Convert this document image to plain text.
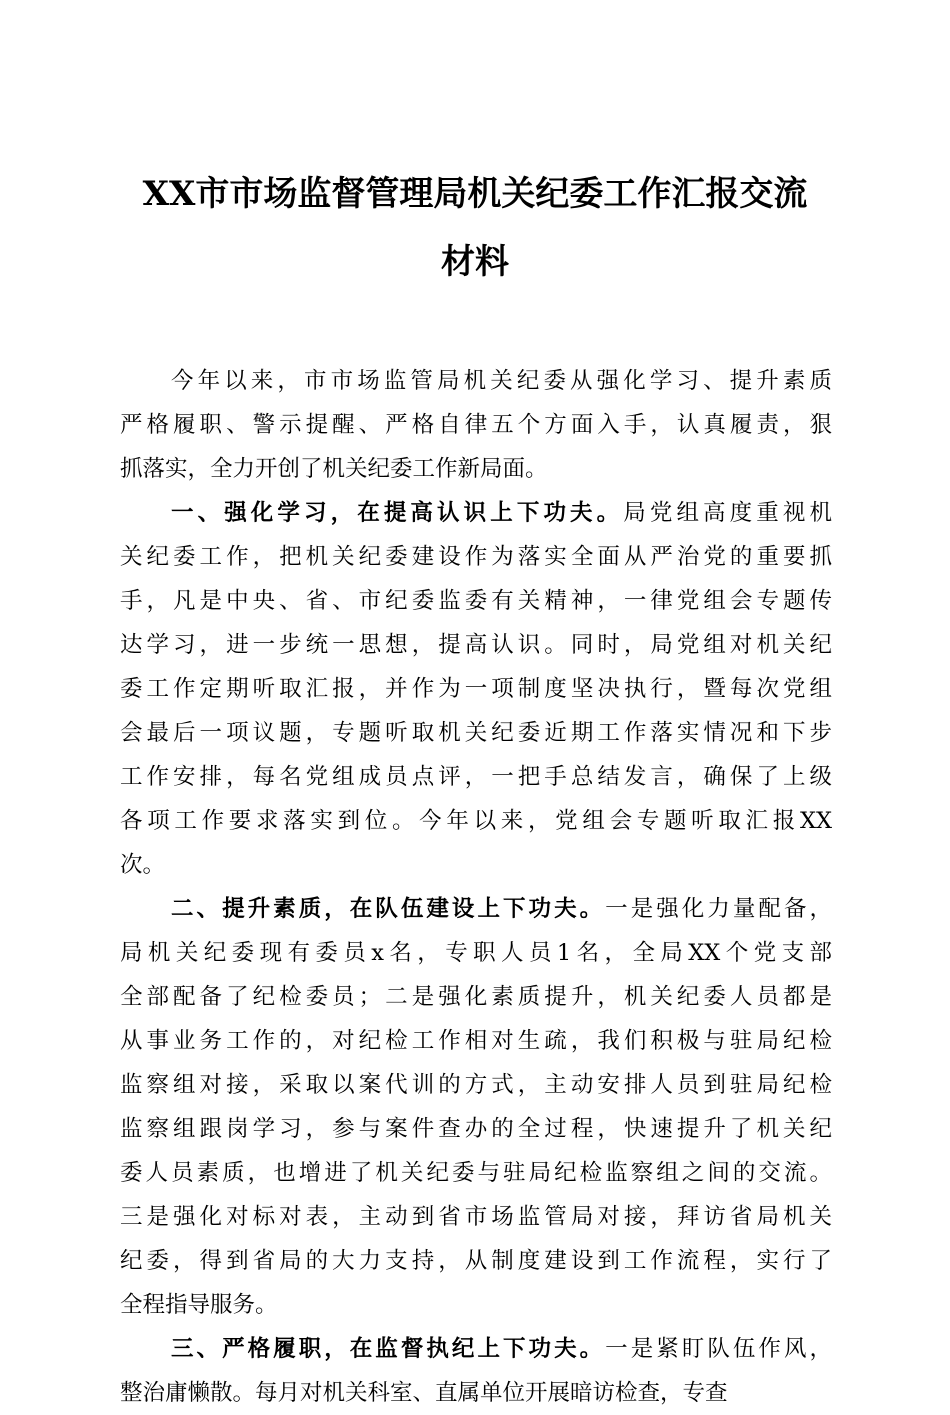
XX市市场监督管理局机关纪委工作汇报交流
材料
今年以来，市市场监管局机关纪委从强化学习、提升素质
严格履职、警示提醒、严格自律五个方面入手，认真履责，狠
抓落实，全力开创了机关纪委工作新局面。
一、强化学习，在提高认识上下功夫。局党组高度重视机
关纪委工作，把机关纪委建设作为落实全面从严治党的重要抓
手，凡是中央、省、市纪委监委有关精神，一律党组会专题传
达学习，进一步统一思想，提高认识。同时，局党组对机关纪
委工作定期听取汇报，并作为一项制度坚决执行，暨每次党组
会最后一项议题，专题听取机关纪委近期工作落实情况和下步
工作安排，每名党组成员点评，一把手总结发言，确保了上级
各项工作要求落实到位。今年以来，党组会专题听取汇报XX
次。
二、提升素质，在队伍建设上下功夫。一是强化力量配备，
局机关纪委现有委员x名，专职人员1名，全局XX个党支部
全部配备了纪检委员；二是强化素质提升，机关纪委人员都是
从事业务工作的，对纪检工作相对生疏，我们积极与驻局纪检
监察组对接，采取以案代训的方式，主动安排人员到驻局纪检
监察组跟岗学习，参与案件查办的全过程，快速提升了机关纪
委人员素质，也增进了机关纪委与驻局纪检监察组之间的交流。
三是强化对标对表，主动到省市场监管局对接，拜访省局机关
纪委，得到省局的大力支持，从制度建设到工作流程，实行了
全程指导服务。
三、严格履职，在监督执纪上下功夫。一是紧盯队伍作风，
整治庸懒散。每月对机关科室、直属单位开展暗访检查，专查
